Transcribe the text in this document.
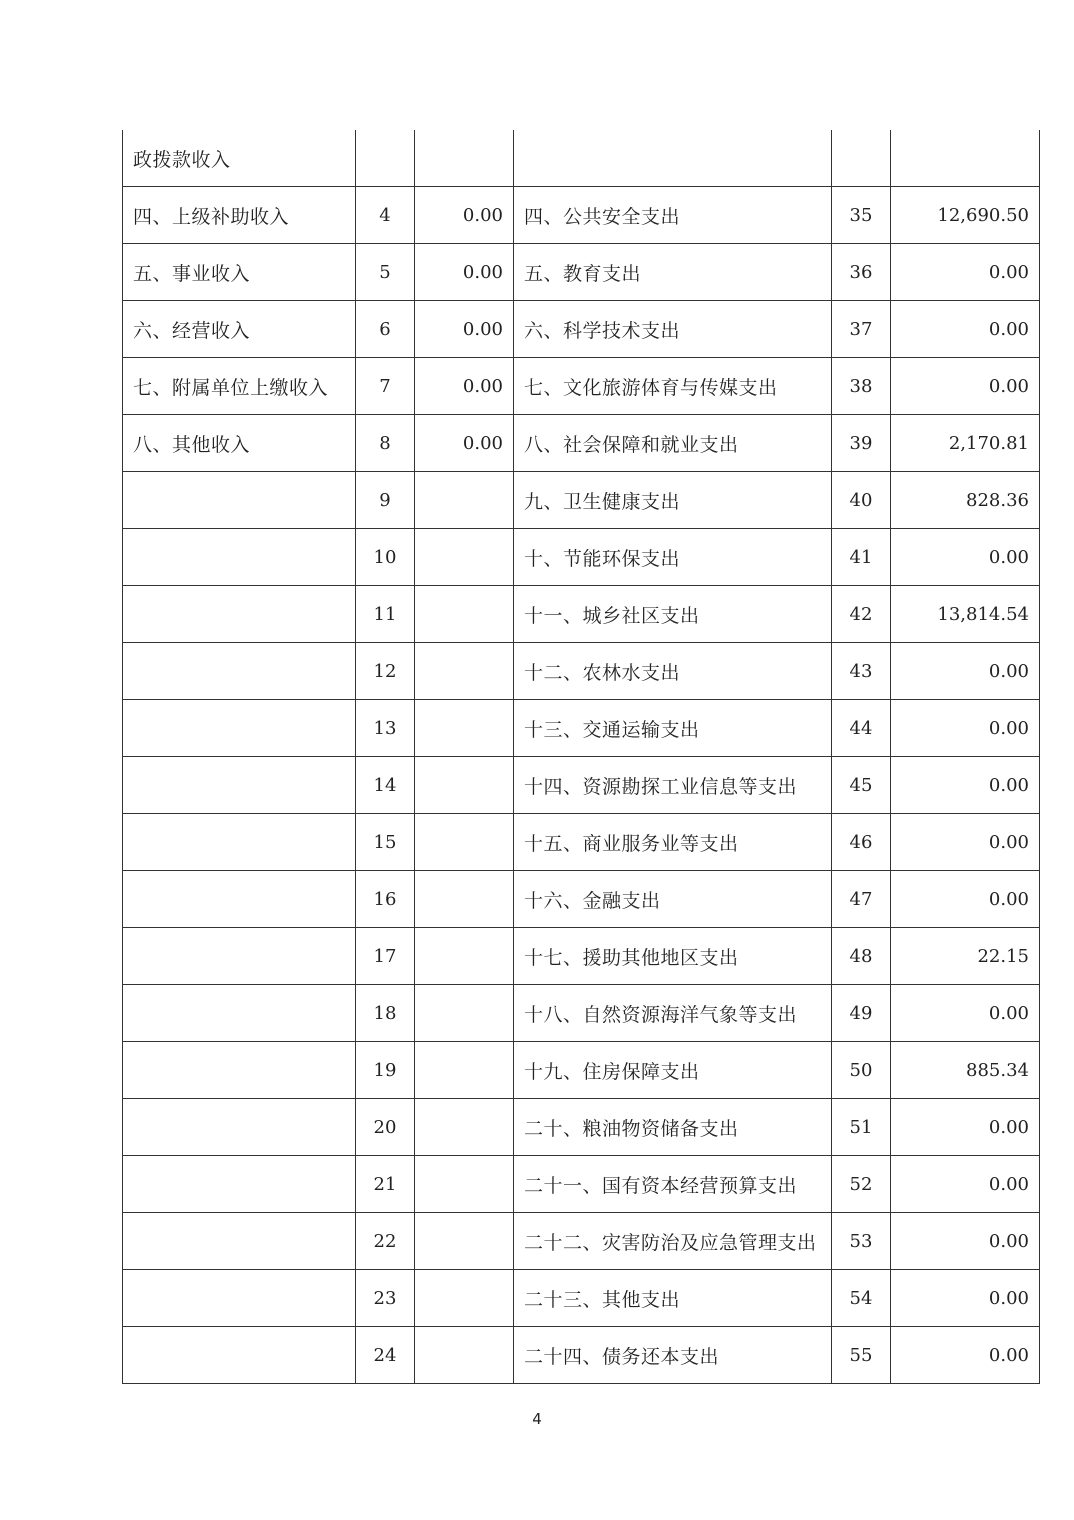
政拨款收入					
四、上级补助收入	4	0.00	四、公共安全支出	35	12,690.50
五、事业收入	5	0.00	五、教育支出	36	0.00
六、经营收入	6	0.00	六、科学技术支出	37	0.00
七、附属单位上缴收入	7	0.00	七、文化旅游体育与传媒支出	38	0.00
八、其他收入	8	0.00	八、社会保障和就业支出	39	2,170.81
	9		九、卫生健康支出	40	828.36
	10		十、节能环保支出	41	0.00
	11		十一、城乡社区支出	42	13,814.54
	12		十二、农林水支出	43	0.00
	13		十三、交通运输支出	44	0.00
	14		十四、资源勘探工业信息等支出	45	0.00
	15		十五、商业服务业等支出	46	0.00
	16		十六、金融支出	47	0.00
	17		十七、援助其他地区支出	48	22.15
	18		十八、自然资源海洋气象等支出	49	0.00
	19		十九、住房保障支出	50	885.34
	20		二十、粮油物资储备支出	51	0.00
	21		二十一、国有资本经营预算支出	52	0.00
	22		二十二、灾害防治及应急管理支出	53	0.00
	23		二十三、其他支出	54	0.00
	24		二十四、债务还本支出	55	0.00
4
